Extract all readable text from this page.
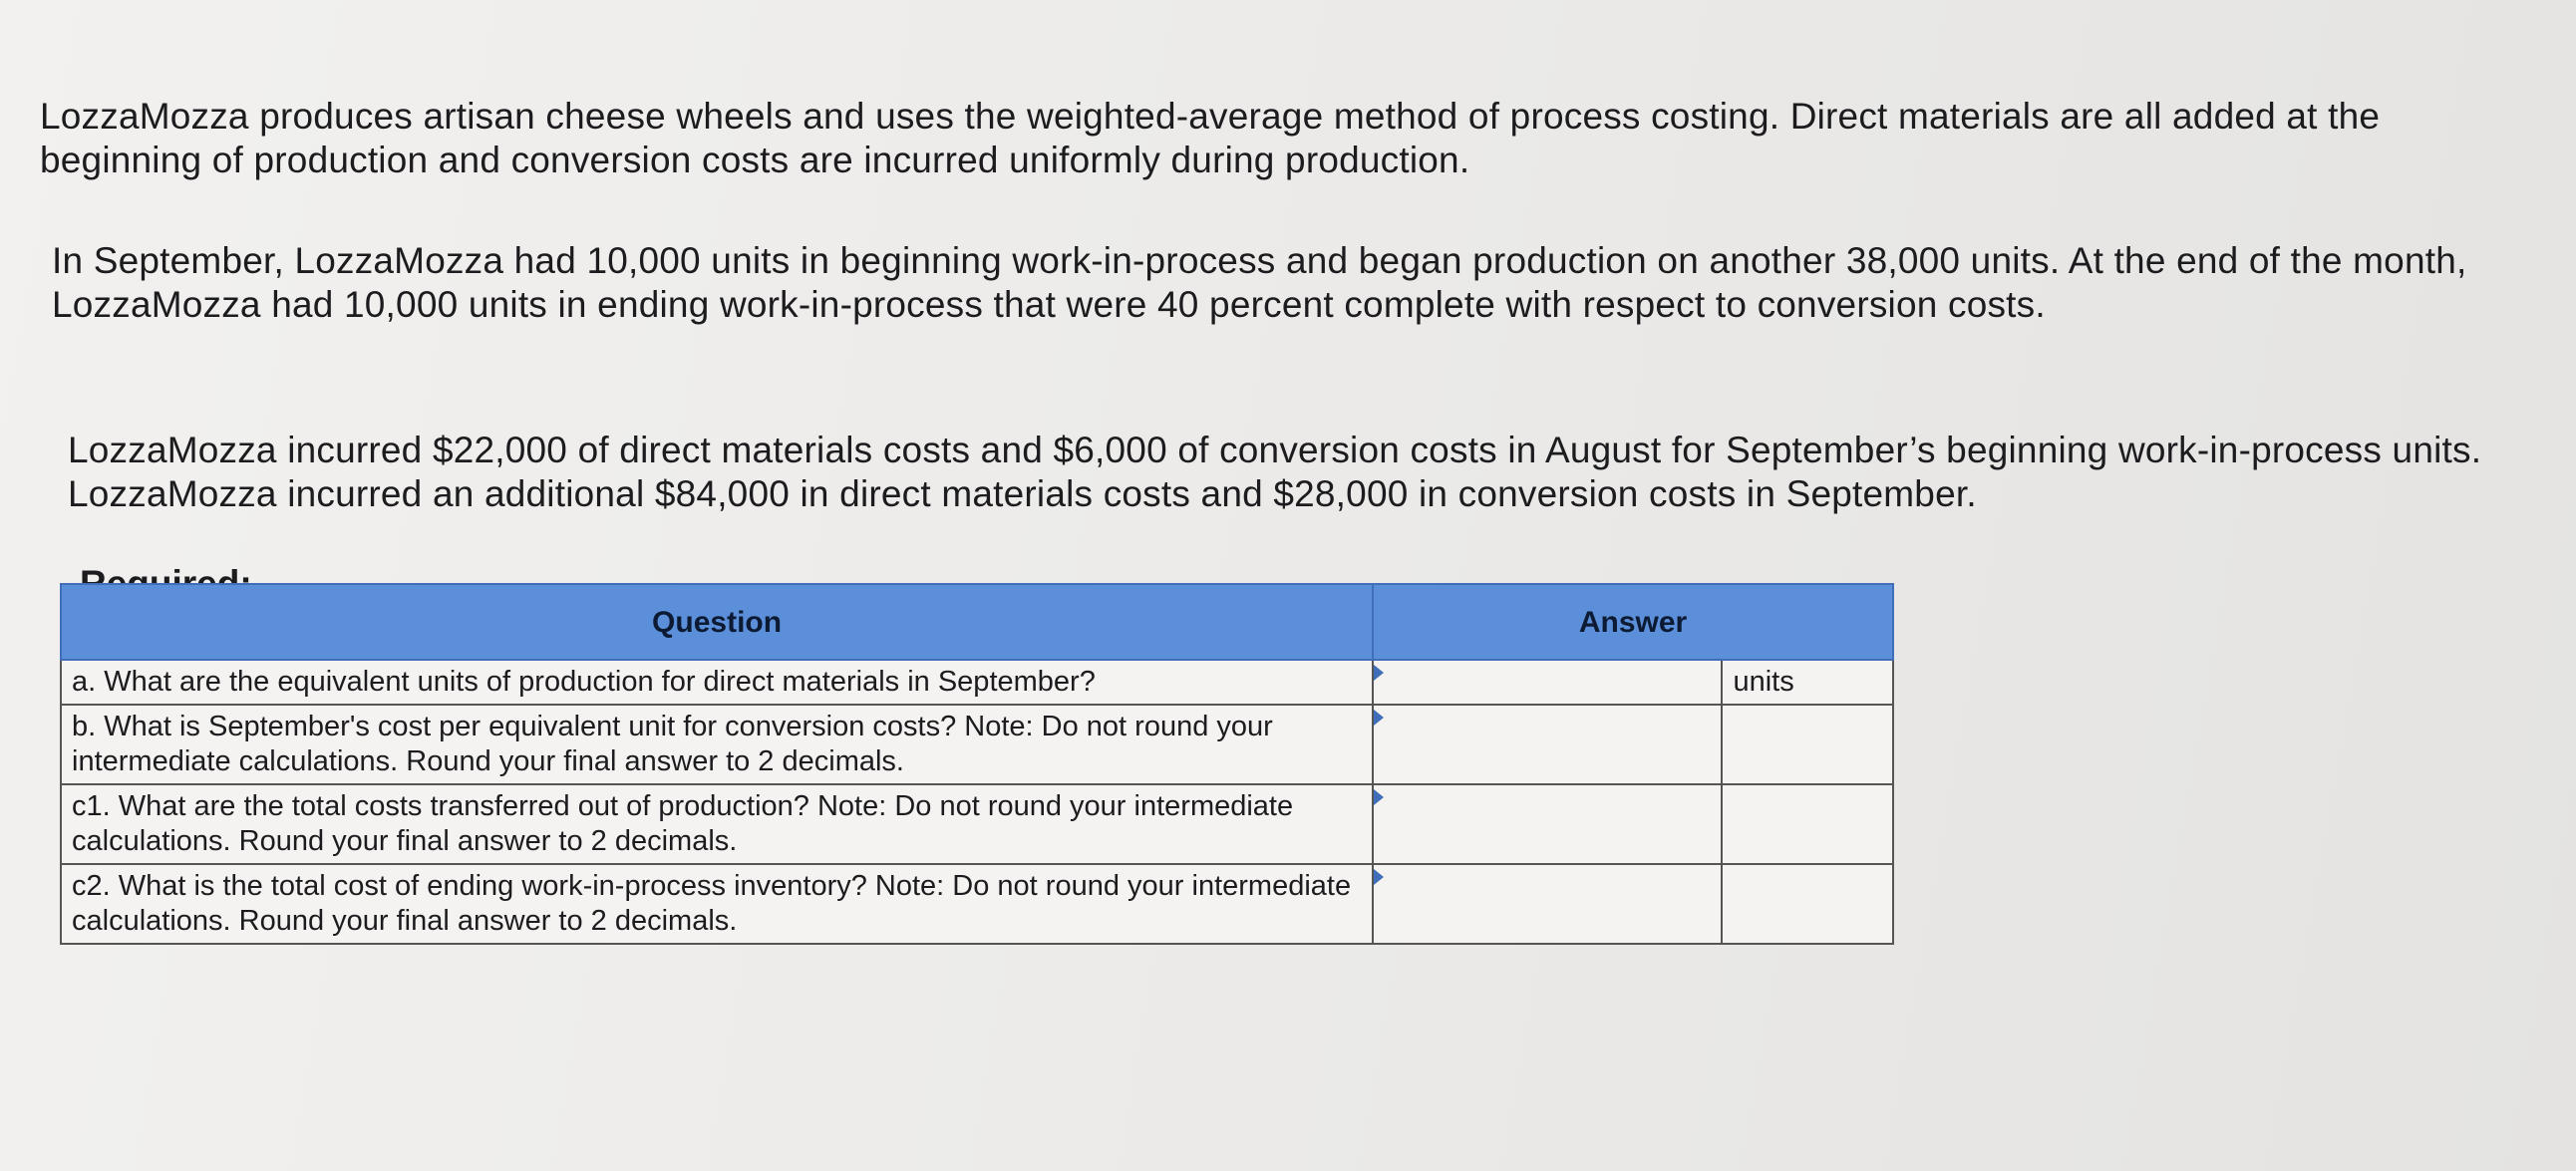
LozzaMozza produces artisan cheese wheels and uses the weighted-average method of process costing. Direct materials are all added at the beginning of production and conversion costs are incurred uniformly during production.

In September, LozzaMozza had 10,000 units in beginning work-in-process and began production on another 38,000 units. At the end of the month, LozzaMozza had 10,000 units in ending work-in-process that were 40 percent complete with respect to conversion costs.

LozzaMozza incurred $22,000 of direct materials costs and $6,000 of conversion costs in August for September’s beginning work-in-process units. LozzaMozza incurred an additional $84,000 in direct materials costs and $28,000 in conversion costs in September.

Question	Answer	
a. What are the equivalent units of production for direct materials in September?		units
b. What is September's cost per equivalent unit for conversion costs? Note: Do not round your intermediate calculations. Round your final answer to 2 decimals.	

c1. What are the total costs transferred out of production? Note: Do not round your intermediate calculations. Round your final answer to 2 decimals.	

c2. What is the total cost of ending work-in-process inventory? Note: Do not round your intermediate calculations. Round your final answer to 2 decimals.	
